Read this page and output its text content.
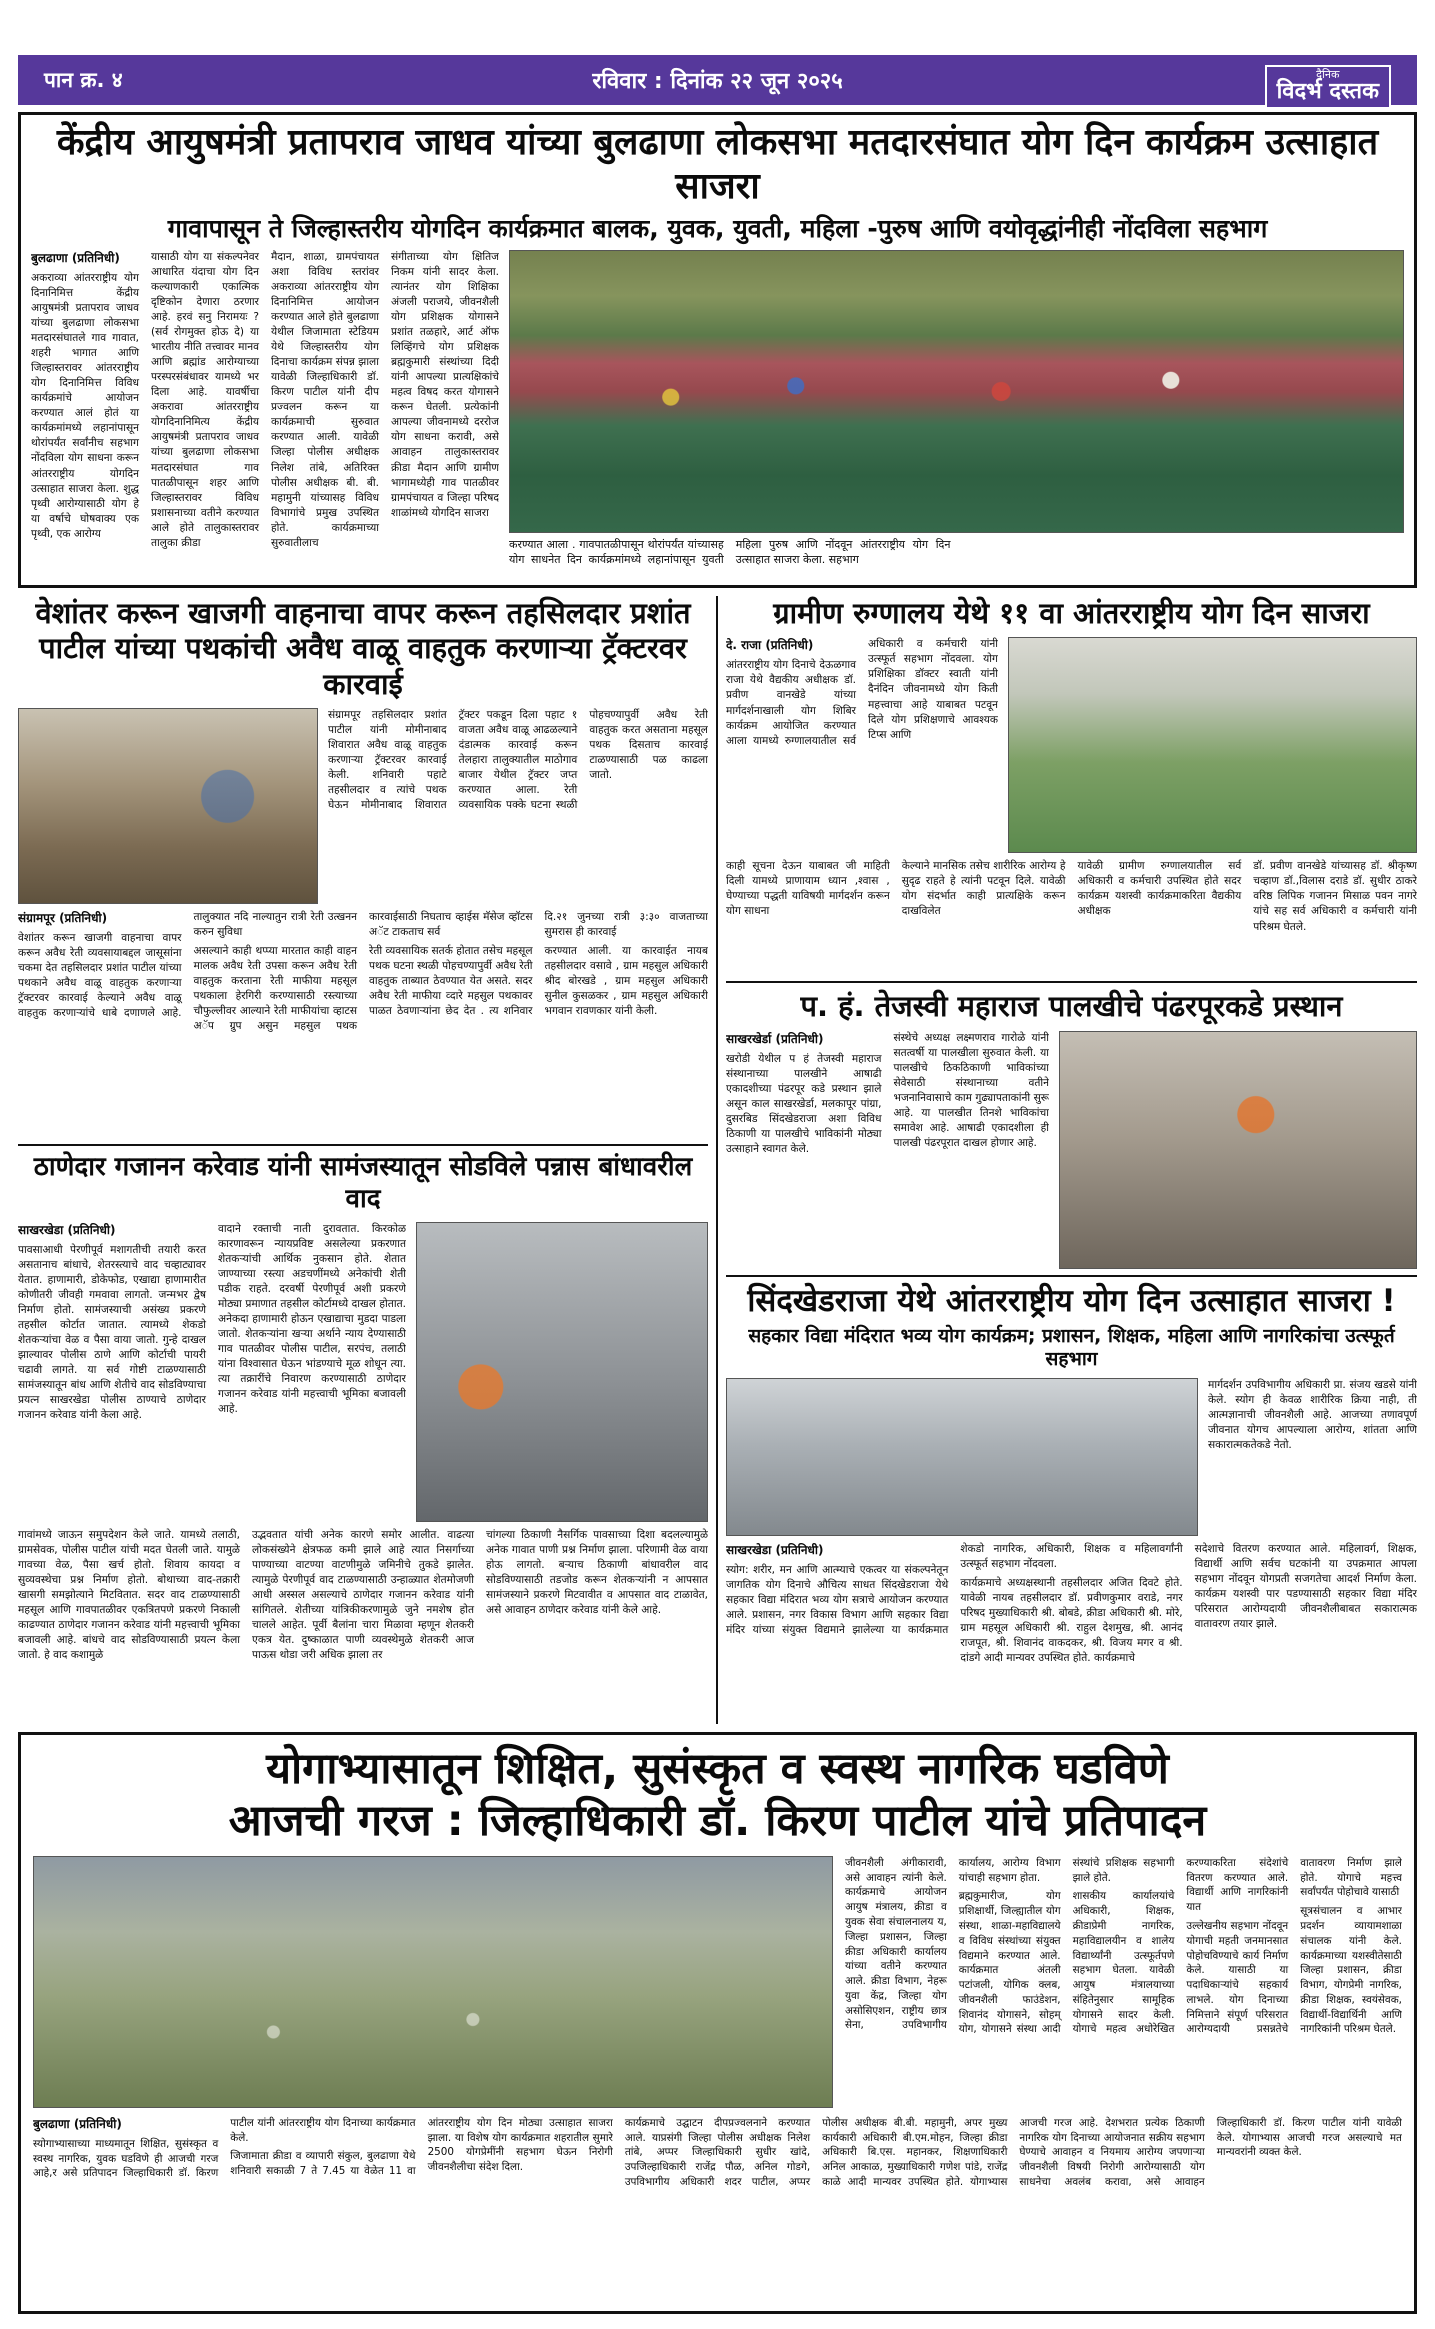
पान क्र. ४	रविवार : दिनांक २२ जून २०२५	दैनिक
विदर्भ दस्तक
केंद्रीय आयुषमंत्री प्रतापराव जाधव यांच्या बुलढाणा लोकसभा मतदारसंघात योग दिन कार्यक्रम उत्साहात साजरा
गावापासून ते जिल्हास्तरीय योगदिन कार्यक्रमात बालक, युवक, युवती, महिला -पुरुष आणि वयोवृद्धांनीही नोंदविला सहभाग

बुलढाणा (प्रतिनिधी)

अकराव्या आंतरराष्ट्रीय योग दिनानिमित्त केंद्रीय आयुषमंत्री प्रतापराव जाधव यांच्या बुलढाणा लोकसभा मतदारसंघातले गाव गावात, शहरी भागात आणि जिल्हास्तरावर आंतरराष्ट्रीय योग दिनानिमित्त विविध कार्यक्रमांचे आयोजन करण्यात आलं होतं या कार्यक्रमांमध्ये लहानांपासून थोरांपर्यंत सर्वांनीच सहभाग नोंदविला योग साधना करून आंतरराष्ट्रीय योगदिन उत्साहात साजरा केला. शुद्ध पृथ्वी आरोग्यासाठी योग हे या वर्षाचे घोषवाक्य एक पृथ्वी, एक आरोग्य

यासाठी योग या संकल्पनेवर आधारित यंदाचा योग दिन कल्याणकारी एकात्मिक दृष्टिकोन देणारा ठरणार आहे. हरवं सनु निरामयः ? (सर्व रोगमुक्त होऊ दे) या भारतीय नीति तत्त्वावर मानव आणि ब्रह्मांड आरोग्याच्या परस्परसंबंधावर यामध्ये भर दिला आहे. यावर्षीचा अकरावा आंतरराष्ट्रीय योगदिनानिमित्य केंद्रीय आयुषमंत्री प्रतापराव जाधव यांच्या बुलढाणा लोकसभा मतदारसंघात गाव पातळीपासून शहर आणि जिल्हास्तरावर विविध प्रशासनाच्या वतीने करण्यात आले होते तालुकास्तरावर तालुका क्रीडा

मैदान, शाळा, ग्रामपंचायत अशा विविध स्तरांवर अकराव्या आंतरराष्ट्रीय योग दिनानिमित्त आयोजन करण्यात आले होते बुलढाणा येथील जिजामाता स्टेडियम येथे जिल्हास्तरीय योग दिनाचा कार्यक्रम संपन्न झाला यावेळी जिल्हाधिकारी डॉ. किरण पाटील यांनी दीप प्रज्वलन करून या कार्यक्रमाची सुरुवात करण्यात आली. यावेळी जिल्हा पोलीस अधीक्षक निलेश तांबे, अतिरिक्त पोलीस अधीक्षक बी. बी. महामुनी यांच्यासह विविध विभागांचे प्रमुख उपस्थित होते. कार्यक्रमाच्या सुरुवातीलाच

संगीताच्या योग क्षितिज निकम यांनी सादर केला. त्यानंतर योग शिक्षिका अंजली पराजये, जीवनशैली योग प्रशिक्षक योगासने प्रशांत तळहारे, आर्ट ऑफ लिव्हिंगचे योग प्रशिक्षक ब्रह्मकुमारी संस्थांच्या दिदी यांनी आपल्या प्रात्यक्षिकांचे महत्व विषद करत योगासने करून घेतली. प्रत्येकांनी आपल्या जीवनामध्ये दररोज योग साधना करावी, असे आवाहन तालुकास्तरावर क्रीडा मैदान आणि ग्रामीण भागामध्येही गाव पातळीवर ग्रामपंचायत व जिल्हा परिषद शाळांमध्ये योगदिन साजरा

करण्यात आला . गावपातळीपासून थोरांपर्यंत यांच्यासह योग साधनेत दिन कार्यक्रमांमध्ये लहानांपासून युवती महिला पुरुष आणि नोंदवून आंतरराष्ट्रीय योग दिन उत्साहात साजरा केला. सहभाग
वेशांतर करून खाजगी वाहनाचा वापर करून तहसिलदार प्रशांत पाटील यांच्या पथकांची अवैध वाळू वाहतुक करणाऱ्या ट्रॅक्टरवर कारवाई

संग्रामपूर तहसिलदार प्रशांत पाटील यांनी मोमीनाबाद शिवारात अवैध वाळू वाहतुक करणाऱ्या ट्रॅक्टरवर कारवाई केली. शनिवारी पहाटे तहसीलदार व त्यांचे पथक घेऊन मोमीनाबाद शिवारात ट्रॅक्टर पकडून दिला पहाट १ वाजता अवैध वाळू आढळल्याने दंडात्मक कारवाई करून तेलहारा तालुक्यातील माठोगाव बाजार येथील ट्रॅक्टर जप्त करण्यात आला. रेती व्यवसायिक पक्के घटना स्थळी पोहचण्यापुर्वी अवैध रेती वाहतुक करत असताना महसूल पथक दिसताच कारवाई टाळण्यासाठी पळ काढला जातो.

संग्रामपूर (प्रतिनिधी)

वेशांतर करून खाजगी वाहनाचा वापर करून अवैध रेती व्यवसायाबद्दल जासूसांना चकमा देत तहसिलदार प्रशांत पाटील यांच्या पथकाने अवैध वाळू वाहतुक करणाऱ्या ट्रॅक्टरवर कारवाई केल्याने अवैध वाळू वाहतुक करणाऱ्यांचे धाबे दणाणले आहे. तालुक्यात नदि नाल्यातुन रात्री रेती उत्खनन करुन सुविधा

असल्याने काही थप्प्या मारतात काही वाहन मालक अवैध रेती उपसा करून अवैध रेती वाहतुक करताना रेती माफीया महसूल पथकाला हेरगिरी करण्यासाठी रस्त्याच्या चौफुल्लीवर आल्याने रेती माफीयांचा व्हाटस अॅप ग्रुप असुन महसुल पथक कारवाईसाठी निघताच व्हाईस मॅसेज व्हॉटस अॅट टाकताच सर्व

रेती व्यवसायिक सतर्क होतात तसेच महसूल पथक घटना स्थळी पोहचण्यापुर्वी अवैध रेती वाहतुक ताब्यात ठेवण्यात येत असते. सदर अवैध रेती माफीया व्दारे महसुल पथकावर पाळत ठेवणाऱ्यांना छेद देत . त्य शनिवार दि.२१ जुनच्या रात्री ३:३० वाजताच्या सुमरास ही कारवाई

करण्यात आली. या कारवाईत नायब तहसीलदार वसावे , ग्राम महसुल अधिकारी श्रीद बोरखडे , ग्राम महसुल अधिकारी सुनील कुसळकर , ग्राम महसुल अधिकारी भगवान रावणकार यांनी केली.

ठाणेदार गजानन करेवाड यांनी सामंजस्यातून सोडविले पन्नास बांधावरील वाद

साखरखेडा (प्रतिनिधी)

पावसाआधी पेरणीपूर्व मशागतीची तयारी करत असतानाच बांधाचे, शेतरस्त्याचे वाद चव्हाट्यावर येतात. हाणामारी, डोकेफोड, एखाद्या हाणामारीत कोणीतरी जीवही गमवावा लागतो. जन्मभर द्वेष निर्माण होतो. सामंजस्याची असंख्य प्रकरणे तहसील कोर्टात जातात. त्यामध्ये शेकडो शेतकऱ्यांचा वेळ व पैसा वाया जातो. गुन्हे दाखल झाल्यावर पोलीस ठाणे आणि कोर्टाची पायरी चढावी लागते. या सर्व गोष्टी टाळण्यासाठी सामंजस्यातून बांध आणि शेतीचे वाद सोडविण्याचा प्रयत्न साखरखेडा पोलीस ठाण्याचे ठाणेदार गजानन करेवाड यांनी केला आहे.

वादाने रक्ताची नाती दुरावतात. किरकोळ कारणावरून न्यायप्रविष्ट असलेल्या प्रकरणात शेतकऱ्यांची आर्थिक नुकसान होते. शेतात जाण्याच्या रस्त्या अडचणींमध्ये अनेकांची शेती पडीक राहते. दरवर्षी पेरणीपूर्व अशी प्रकरणे मोठ्या प्रमाणात तहसील कोर्टामध्ये दाखल होतात. अनेकदा हाणामारी होऊन एखाद्याचा मुडदा पाडला जातो. शेतकऱ्यांना खऱ्या अर्थाने न्याय देण्यासाठी गाव पातळीवर पोलीस पाटील, सरपंच, तलाठी यांना विश्वासात घेऊन भांडण्याचे मूळ शोधून त्या. त्या तक्रारींचे निवारण करण्यासाठी ठाणेदार गजानन करेवाड यांनी महत्त्वाची भूमिका बजावली आहे.

गावांमध्ये जाऊन समुपदेशन केले जाते. यामध्ये तलाठी, ग्रामसेवक, पोलीस पाटील यांची मदत घेतली जाते. यामुळे गावच्या वेळ, पैसा खर्च होतो. शिवाय कायदा व सुव्यवस्थेचा प्रश्न निर्माण होतो. बोथाच्या वाद-तक्रारी खासगी समझोत्याने मिटवितात. सदर वाद टाळण्यासाठी महसूल आणि गावपातळीवर एकत्रितपणे प्रकरणे निकाली काढण्यात ठाणेदार गजानन करेवाड यांनी महत्त्वाची भूमिका बजावली आहे. बांधचे वाद सोडविण्यासाठी प्रयत्न केला जातो. हे वाद कशामुळे

उद्भवतात यांची अनेक कारणे समोर आलीत. वाढत्या लोकसंख्येने क्षेत्रफळ कमी झाले आहे त्यात निसर्गाच्या पाण्याच्या वाटण्या वाटणीमुळे जमिनीचे तुकडे झालेत. त्यामुळे पेरणीपूर्व वाद टाळण्यासाठी उन्हाळ्यात शेतमोजणी आधी अस्सल असल्याचे ठाणेदार गजानन करेवाड यांनी सांगितले. शेतीच्या यांत्रिकीकरणामुळे जुने नमशेष होत चालले आहेत. पूर्वी बैलांना चारा मिळावा म्हणून शेतकरी एकत्र येत. दुष्काळात पाणी व्यवस्थेमुळे शेतकरी आज पाऊस थोडा जरी अधिक झाला तर

चांगल्या ठिकाणी नैसर्गिक पावसाच्या दिशा बदलल्यामुळे अनेक गावात पाणी प्रश्न निर्माण झाला. परिणामी वेळ वाया होऊ लागतो. बऱ्याच ठिकाणी बांधावरील वाद सोडविण्यासाठी तडजोड करून शेतकऱ्यांनी न आपसात सामंजस्याने प्रकरणे मिटवावीत व आपसात वाद टाळावेत, असे आवाहन ठाणेदार करेवाड यांनी केले आहे.

ग्रामीण रुग्णालय येथे ११ वा आंतरराष्ट्रीय योग दिन साजरा

दे. राजा (प्रतिनिधी)

आंतरराष्ट्रीय योग दिनाचे देऊळगाव राजा येथे वैद्यकीय अधीक्षक डॉ. प्रवीण वानखेडे यांच्या मार्गदर्शनाखाली योग शिबिर कार्यक्रम आयोजित करण्यात आला यामध्ये रुग्णालयातील सर्व अधिकारी व कर्मचारी यांनी उत्स्फूर्त सहभाग नोंदवला. योग प्रशिक्षिका डॉक्टर स्वाती यांनी दैनंदिन जीवनामध्ये योग किती महत्त्वाचा आहे याबाबत पटवून दिले योग प्रशिक्षणाचे आवश्यक टिप्स आणि

काही सूचना देऊन याबाबत जी माहिती दिली यामध्ये प्राणायाम ध्यान ,श्वास , घेण्याच्या पद्धती याविषयी मार्गदर्शन करून योग साधना

केल्याने मानसिक तसेच शारीरिक आरोग्य हे सुदृढ राहते हे त्यांनी पटवून दिले. यावेळी योग संदर्भात काही प्रात्यक्षिके करून दाखविलेत

यावेळी ग्रामीण रुग्णालयातील सर्व अधिकारी व कर्मचारी उपस्थित होते सदर कार्यक्रम यशस्वी कार्यक्रमाकरिता वैद्यकीय अधीक्षक

डॉ. प्रवीण वानखेडे यांच्यासह डॉ. श्रीकृष्ण चव्हाण डॉ.,विलास दराडे डॉ. सुधीर ठाकरे वरिष्ठ लिपिक गजानन मिसाळ पवन नागरे यांचे सह सर्व अधिकारी व कर्मचारी यांनी परिश्रम घेतले.

प. हं. तेजस्वी महाराज पालखीचे पंढरपूरकडे प्रस्थान

साखरखेर्डा (प्रतिनिधी)

खरोडी येथील प हं तेजस्वी महाराज संस्थानाच्या पालखीने आषाढी एकादशीच्या पंढरपूर कडे प्रस्थान झाले असून काल साखरखेर्डा, मलकापूर पांग्रा, दुसरबिड सिंदखेडराजा अशा विविध ठिकाणी या पालखीचे भाविकांनी मोठ्या उत्साहाने स्वागत केले.

संस्थेचे अध्यक्ष लक्ष्मणराव गारोळे यांनी सतत्वर्षी या पालखीला सुरुवात केली. या पालखीचे ठिकठिकाणी भाविकांच्या सेवेसाठी संस्थानाच्या वतीने भजनानिवासाचे काम गुढ्यापताकांनी सुरू आहे. या पालखीत तिनशे भाविकांचा समावेश आहे. आषाढी एकादशीला ही पालखी पंढरपूरात दाखल होणार आहे.

सिंदखेडराजा येथे आंतरराष्ट्रीय योग दिन उत्साहात साजरा !
सहकार विद्या मंदिरात भव्य योग कार्यक्रम; प्रशासन, शिक्षक, महिला आणि नागरिकांचा उत्स्फूर्त सहभाग

मार्गदर्शन उपविभागीय अधिकारी प्रा. संजय खडसे यांनी केले. स्योग ही केवळ शारीरिक क्रिया नाही, ती आत्मज्ञानाची जीवनशैली आहे. आजच्या तणावपूर्ण जीवनात योगच आपल्याला आरोग्य, शांतता आणि सकारात्मकतेकडे नेतो.

साखरखेडा (प्रतिनिधी)

स्योग: शरीर, मन आणि आत्म्याचे एकत्वर या संकल्पनेतून जागतिक योग दिनाचे औचित्य साधत सिंदखेडराजा येथे सहकार विद्या मंदिरात भव्य योग सत्राचे आयोजन करण्यात आले. प्रशासन, नगर विकास विभाग आणि सहकार विद्या मंदिर यांच्या संयुक्त विद्यमाने झालेल्या या कार्यक्रमात शेकडो नागरिक, अधिकारी, शिक्षक व महिलावर्गांनी उत्स्फूर्त सहभाग नोंदवला.

कार्यक्रमाचे अध्यक्षस्थानी तहसीलदार अजित दिवटे होते. यावेळी नायब तहसीलदार डॉ. प्रवीणकुमार वराडे, नगर परिषद मुख्याधिकारी श्री. बोबडे, क्रीडा अधिकारी श्री. मोरे, ग्राम महसूल अधिकारी श्री. राहुल देशमुख, श्री. आनंद राजपूत, श्री. शिवानंद वाकदकर, श्री. विजय मगर व श्री. दांडगे आदी मान्यवर उपस्थित होते. कार्यक्रमाचे

सदेशाचे वितरण करण्यात आले. महिलावर्ग, शिक्षक, विद्यार्थी आणि सर्वच घटकांनी या उपक्रमात आपला सहभाग नोंदवून योगप्रती सजगतेचा आदर्श निर्माण केला. कार्यक्रम यशस्वी पार पडण्यासाठी सहकार विद्या मंदिर परिसरात आरोग्यदायी जीवनशैलीबाबत सकारात्मक वातावरण तयार झाले.

योगाभ्यासातून शिक्षित, सुसंस्कृत व स्वस्थ नागरिक घडविणे
आजची गरज : जिल्हाधिकारी डॉ. किरण पाटील यांचे प्रतिपादन

जीवनशैली अंगीकारावी, असे आवाहन त्यांनी केले. कार्यक्रमाचे आयोजन आयुष मंत्रालय, क्रीडा व युवक सेवा संचालनालय य, जिल्हा प्रशासन, जिल्हा क्रीडा अधिकारी कार्यालय यांच्या वतीने करण्यात आले. क्रीडा विभाग, नेहरू युवा केंद्र, जिल्हा योग असोसिएशन, राष्ट्रीय छात्र सेना, उपविभागीय कार्यालय, आरोग्य विभाग यांचाही सहभाग होता.

ब्रह्मकुमारीज, योग प्रशिक्षार्थी, जिल्ह्यातील योग संस्था, शाळा-महाविद्यालये व विविध संस्थांच्या संयुक्त विद्यमाने करण्यात आले. कार्यक्रमात अंतली पटांजली, योगिक क्लब, जीवनशैली फाउंडेशन, शिवानंद योगासने, सोहम् योग, योगासने संस्था आदी संस्थांचे प्रशिक्षक सहभागी झाले होते.

शासकीय कार्यालयांचे अधिकारी, शिक्षक, क्रीडाप्रेमी नागरिक, महाविद्यालयीन व शालेय विद्यार्थ्यांनी उत्स्फूर्तपणे सहभाग घेतला. यावेळी आयुष मंत्रालयाच्या संहितेनुसार सामूहिक योगासने सादर केली. योगाचे महत्व अधोरेखित करण्याकरिता संदेशांचे वितरण करण्यात आले. विद्यार्थी आणि नागरिकांनी यात

उल्लेखनीय सहभाग नोंदवून योगाची महती जनमानसात पोहोचविण्याचे कार्य निर्माण केले. यासाठी या पदाधिकाऱ्यांचे सहकार्य लाभले. योग दिनाच्या निमित्ताने संपूर्ण परिसरात आरोग्यदायी प्रसन्नतेचे वातावरण निर्माण झाले होते. योगाचे महत्त्व सर्वांपर्यंत पोहोचावे यासाठी

सूत्रसंचालन व आभार प्रदर्शन व्यायामशाळा संचालक यांनी केले. कार्यक्रमाच्या यशस्वीतेसाठी जिल्हा प्रशासन, क्रीडा विभाग, योगप्रेमी नागरिक, क्रीडा शिक्षक, स्वयंसेवक, विद्यार्थी-विद्यार्थिनी आणि नागरिकांनी परिश्रम घेतले.

बुलढाणा (प्रतिनिधी)

स्योगाभ्यासाच्या माध्यमातून शिक्षित, सुसंस्कृत व स्वस्थ नागरिक, युवक घडविणे ही आजची गरज आहे,र असे प्रतिपादन जिल्हाधिकारी डॉ. किरण पाटील यांनी आंतरराष्ट्रीय योग दिनाच्या कार्यक्रमात केले.

जिजामाता क्रीडा व व्यापारी संकुल, बुलढाणा येथे शनिवारी सकाळी 7 ते 7.45 या वेळेत 11 वा आंतरराष्ट्रीय योग दिन मोठ्या उत्साहात साजरा झाला. या विशेष योग कार्यक्रमात शहरातील सुमारे 2500 योगप्रेमींनी सहभाग घेऊन निरोगी जीवनशैलीचा संदेश दिला.

कार्यक्रमाचे उद्घाटन दीपप्रज्वलनाने करण्यात आले. याप्रसंगी जिल्हा पोलीस अधीक्षक निलेश तांबे, अप्पर जिल्हाधिकारी सुधीर खांदे, उपजिल्हाधिकारी राजेंद्र पौळ, अनिल गोडगे, उपविभागीय अधिकारी शदर पाटील, अप्पर पोलीस अधीक्षक बी.बी. महामुनी, अपर मुख्य कार्यकारी अधिकारी बी.एम.मोहन, जिल्हा क्रीडा अधिकारी बि.एस. महानकर, शिक्षणाधिकारी अनिल आकाळ, मुख्याधिकारी गणेश पांडे, राजेंद्र काळे आदी मान्यवर उपस्थित होते. योगाभ्यास आजची गरज आहे. देशभरात प्रत्येक ठिकाणी नागरिक योग दिनाच्या आयोजनात सक्रीय सहभाग घेण्याचे आवाहन व नियमाय आरोग्य जपणाऱ्या जीवनशैली विषयी निरोगी आरोग्यासाठी योग साधनेचा अवलंब करावा, असे आवाहन जिल्हाधिकारी डॉ. किरण पाटील यांनी यावेळी केले. योगाभ्यास आजची गरज असल्याचे मत मान्यवरांनी व्यक्त केले.
